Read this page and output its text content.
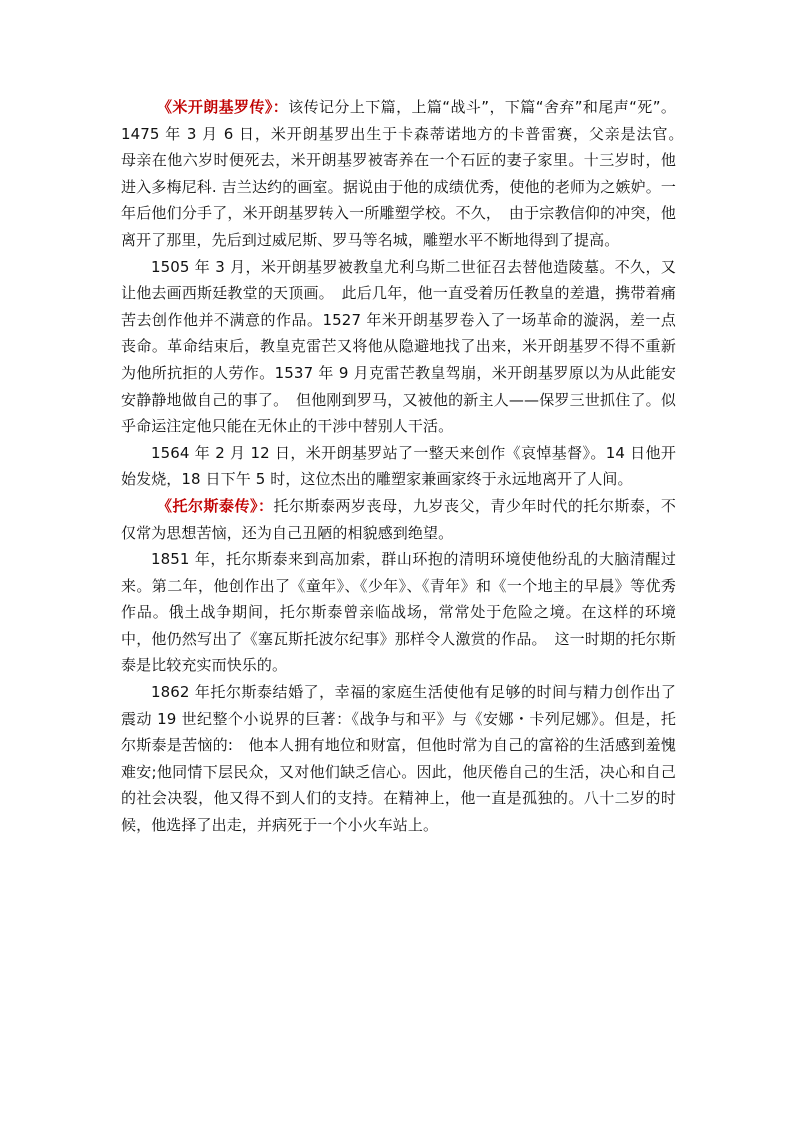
《米开朗基罗传》：该传记分上下篇，上篇“战斗”，下篇“舍弃”和尾声“死”。1475 年 3 月 6 日，米开朗基罗出生于卡森蒂诺地方的卡普雷赛，父亲是法官。　母亲在他六岁时便死去，米开朗基罗被寄养在一个石匠的妻子家里。十三岁时，他进入多梅尼科. 吉兰达约的画室。据说由于他的成绩优秀，使他的老师为之嫉妒。一年后他们分手了，米开朗基罗转入一所雕塑学校。不久，　由于宗教信仰的冲突，他离开了那里，先后到过威尼斯、罗马等名城，雕塑水平不断地得到了提高。

1505 年 3 月，米开朗基罗被教皇尤利乌斯二世征召去替他造陵墓。不久，又让他去画西斯廷教堂的天顶画。　此后几年，他一直受着历任教皇的差遣，携带着痛苦去创作他并不满意的作品。1527 年米开朗基罗卷入了一场革命的漩涡，差一点丧命。革命结束后，教皇克雷芒又将他从隐避地找了出来，米开朗基罗不得不重新为他所抗拒的人劳作。1537 年 9 月克雷芒教皇驾崩，米开朗基罗原以为从此能安安静静地做自己的事了。　但他刚到罗马，又被他的新主人——保罗三世抓住了。似乎命运注定他只能在无休止的干涉中替别人干活。

1564 年 2 月 12 日，米开朗基罗站了一整天来创作《哀悼基督》。14 日他开始发烧，18 日下午 5 时，这位杰出的雕塑家兼画家终于永远地离开了人间。

《托尔斯泰传》：托尔斯泰两岁丧母，九岁丧父，青少年时代的托尔斯泰，不仅常为思想苦恼，还为自己丑陋的相貌感到绝望。

1851 年，托尔斯泰来到高加索，群山环抱的清明环境使他纷乱的大脑清醒过来。第二年，他创作出了《童年》、《少年》、《青年》和《一个地主的早晨》等优秀作品。俄土战争期间，托尔斯泰曾亲临战场，常常处于危险之境。在这样的环境中，他仍然写出了《塞瓦斯托波尔纪事》那样令人激赏的作品。　这一时期的托尔斯泰是比较充实而快乐的。

1862 年托尔斯泰结婚了，幸福的家庭生活使他有足够的时间与精力创作出了震动 19 世纪整个小说界的巨著：《战争与和平》与《安娜・卡列尼娜》。但是，托尔斯泰是苦恼的:　他本人拥有地位和财富，但他时常为自己的富裕的生活感到羞愧难安;他同情下层民众，又对他们缺乏信心。因此，他厌倦自己的生活，决心和自己的社会决裂，他又得不到人们的支持。在精神上，他一直是孤独的。八十二岁的时候，他选择了出走，并病死于一个小火车站上。
